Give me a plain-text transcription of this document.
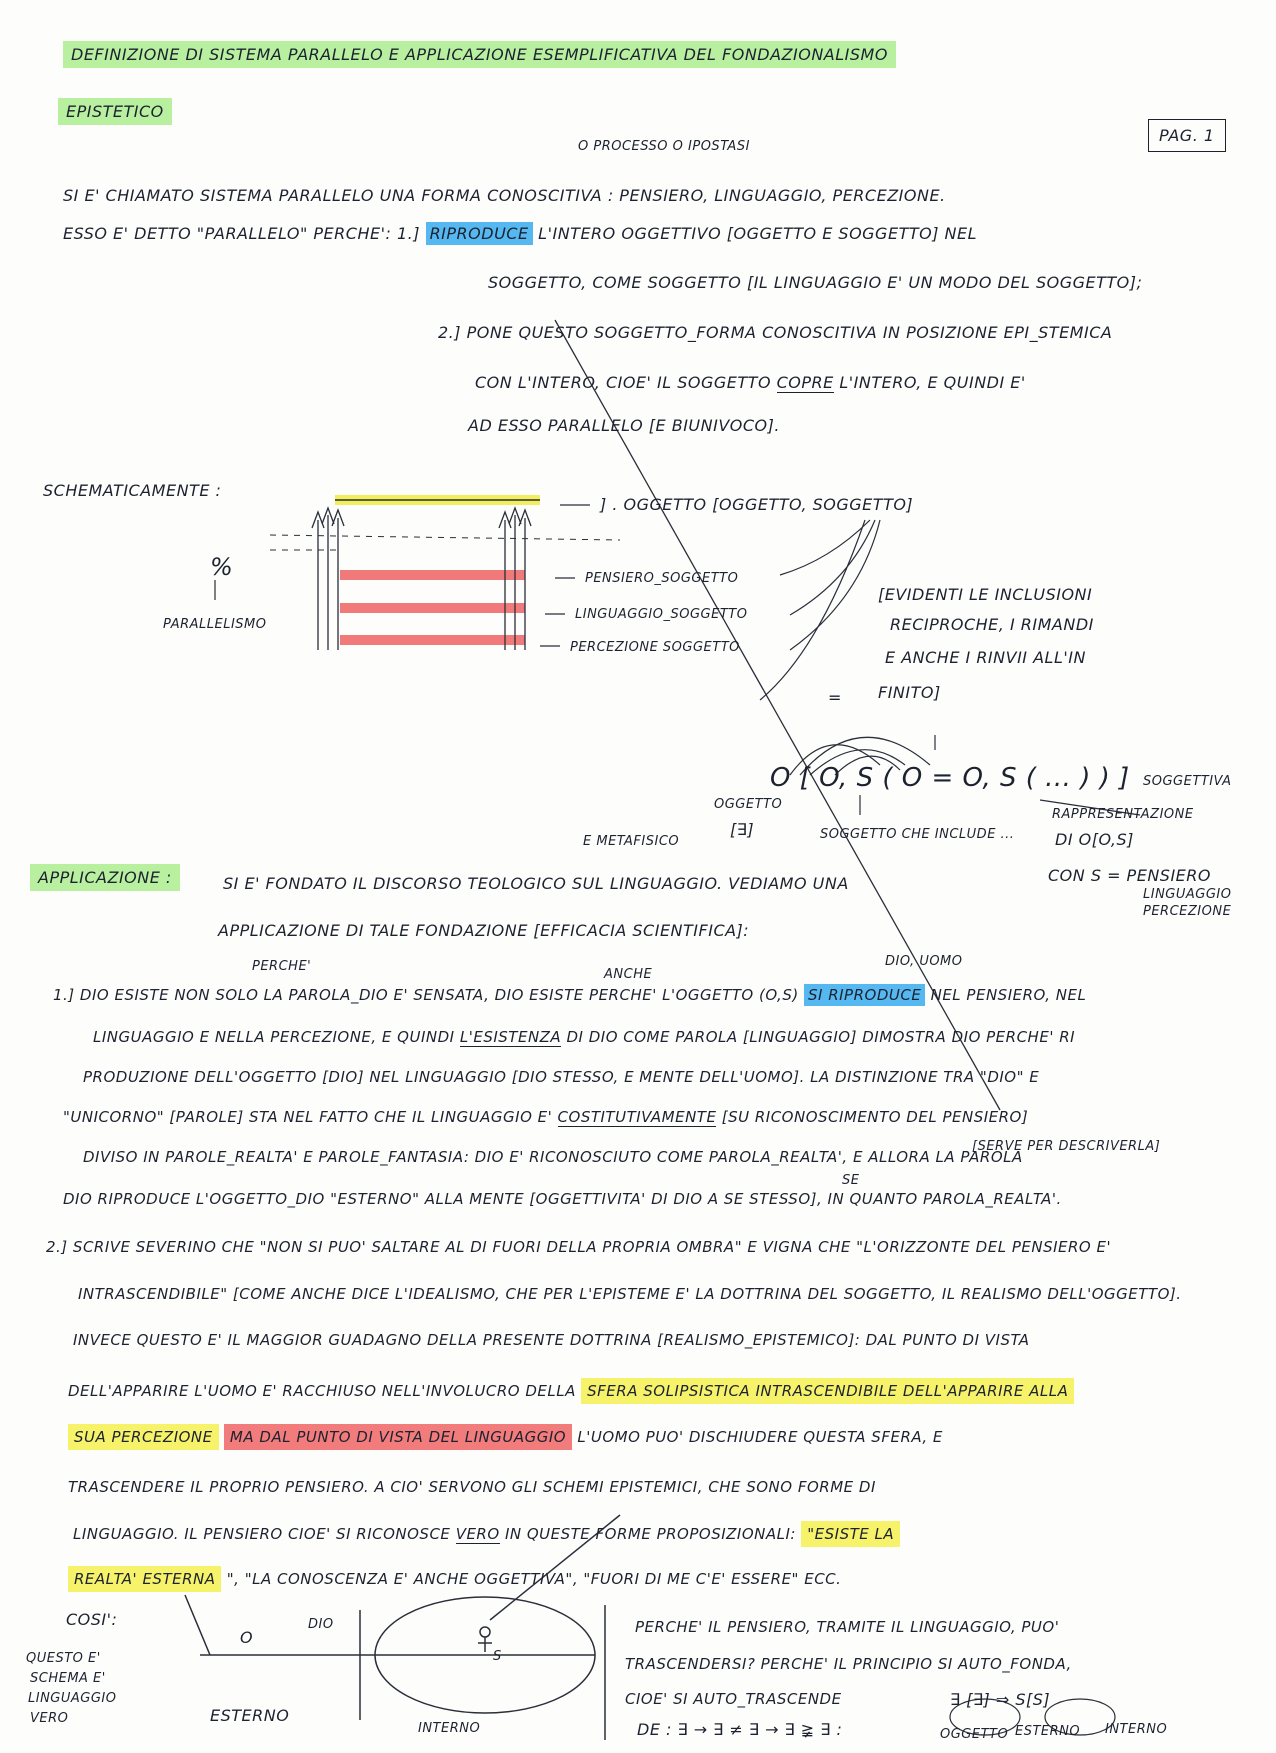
DEFINIZIONE DI SISTEMA PARALLELO E APPLICAZIONE ESEMPLIFICATIVA DEL FONDAZIONALISMO
EPISTETICO
PAG. 1
O PROCESSO O IPOSTASI
SI E' CHIAMATO SISTEMA PARALLELO UNA FORMA CONOSCITIVA : PENSIERO, LINGUAGGIO, PERCEZIONE.
ESSO E' DETTO "PARALLELO" PERCHE': 1.] RIPRODUCE L'INTERO OGGETTIVO [OGGETTO E SOGGETTO] NEL
SOGGETTO, COME SOGGETTO [IL LINGUAGGIO E' UN MODO DEL SOGGETTO];
2.] PONE QUESTO SOGGETTO_FORMA CONOSCITIVA IN POSIZIONE EPI_STEMICA
CON L'INTERO, CIOE' IL SOGGETTO COPRE L'INTERO, E QUINDI E'
AD ESSO PARALLELO [E BIUNIVOCO].
SCHEMATICAMENTE :
%
PARALLELISMO
] . OGGETTO [OGGETTO, SOGGETTO]
PENSIERO_SOGGETTO
LINGUAGGIO_SOGGETTO
PERCEZIONE SOGGETTO
[EVIDENTI LE INCLUSIONI
RECIPROCHE, I RIMANDI
E ANCHE I RINVII ALL'IN
FINITO]
=
O [ O, S ( O = O, S ( ... ) ) ]
OGGETTO
[∃]	SOGGETTO CHE INCLUDE ...
SOGGETTIVA
RAPPRESENTAZIONE
DI O[O,S]
CON S = PENSIERO
LINGUAGGIO
PERCEZIONE
E METAFISICO
APPLICAZIONE :	SI E' FONDATO IL DISCORSO TEOLOGICO SUL LINGUAGGIO. VEDIAMO UNA
APPLICAZIONE DI TALE FONDAZIONE [EFFICACIA SCIENTIFICA]:
PERCHE'
ANCHE
DIO, UOMO
1.] DIO ESISTE NON SOLO LA PAROLA_DIO E' SENSATA, DIO ESISTE PERCHE' L'OGGETTO (O,S) SI RIPRODUCE NEL PENSIERO, NEL
LINGUAGGIO E NELLA PERCEZIONE, E QUINDI L'ESISTENZA DI DIO COME PAROLA [LINGUAGGIO] DIMOSTRA DIO PERCHE' RI
PRODUZIONE DELL'OGGETTO [DIO] NEL LINGUAGGIO [DIO STESSO, E MENTE DELL'UOMO]. LA DISTINZIONE TRA "DIO" E
"UNICORNO" [PAROLE] STA NEL FATTO CHE IL LINGUAGGIO E' COSTITUTIVAMENTE [SU RICONOSCIMENTO DEL PENSIERO]
[SERVE PER DESCRIVERLA]
DIVISO IN PAROLE_REALTA' E PAROLE_FANTASIA: DIO E' RICONOSCIUTO COME PAROLA_REALTA', E ALLORA LA PAROLA
SE
DIO RIPRODUCE L'OGGETTO_DIO "ESTERNO" ALLA MENTE [OGGETTIVITA' DI DIO A SE STESSO], IN QUANTO PAROLA_REALTA'.
2.] SCRIVE SEVERINO CHE "NON SI PUO' SALTARE AL DI FUORI DELLA PROPRIA OMBRA" E VIGNA CHE "L'ORIZZONTE DEL PENSIERO E'
INTRASCENDIBILE" [COME ANCHE DICE L'IDEALISMO, CHE PER L'EPISTEME E' LA DOTTRINA DEL SOGGETTO, IL REALISMO DELL'OGGETTO].
INVECE QUESTO E' IL MAGGIOR GUADAGNO DELLA PRESENTE DOTTRINA [REALISMO_EPISTEMICO]: DAL PUNTO DI VISTA
DELL'APPARIRE L'UOMO E' RACCHIUSO NELL'INVOLUCRO DELLA SFERA SOLIPSISTICA INTRASCENDIBILE DELL'APPARIRE ALLA
SUA PERCEZIONE MA DAL PUNTO DI VISTA DEL LINGUAGGIO L'UOMO PUO' DISCHIUDERE QUESTA SFERA, E
TRASCENDERE IL PROPRIO PENSIERO. A CIO' SERVONO GLI SCHEMI EPISTEMICI, CHE SONO FORME DI
LINGUAGGIO. IL PENSIERO CIOE' SI RICONOSCE VERO IN QUESTE FORME PROPOSIZIONALI: "ESISTE LA
REALTA' ESTERNA ", "LA CONOSCENZA E' ANCHE OGGETTIVA", "FUORI DI ME C'E' ESSERE" ECC.
COSI':
QUESTO E'
SCHEMA E'
LINGUAGGIO
VERO
O
DIO
S
ESTERNO
INTERNO
PERCHE' IL PENSIERO, TRAMITE IL LINGUAGGIO, PUO'
TRASCENDERSI? PERCHE' IL PRINCIPIO SI AUTO_FONDA,
CIOE' SI AUTO_TRASCENDE	∃ [∃] ⇒ S[S]
DE : ∃ → ∃ ≠ ∃ → ∃ ≩ ∃ :	OGGETTO ESTERNO INTERNO
